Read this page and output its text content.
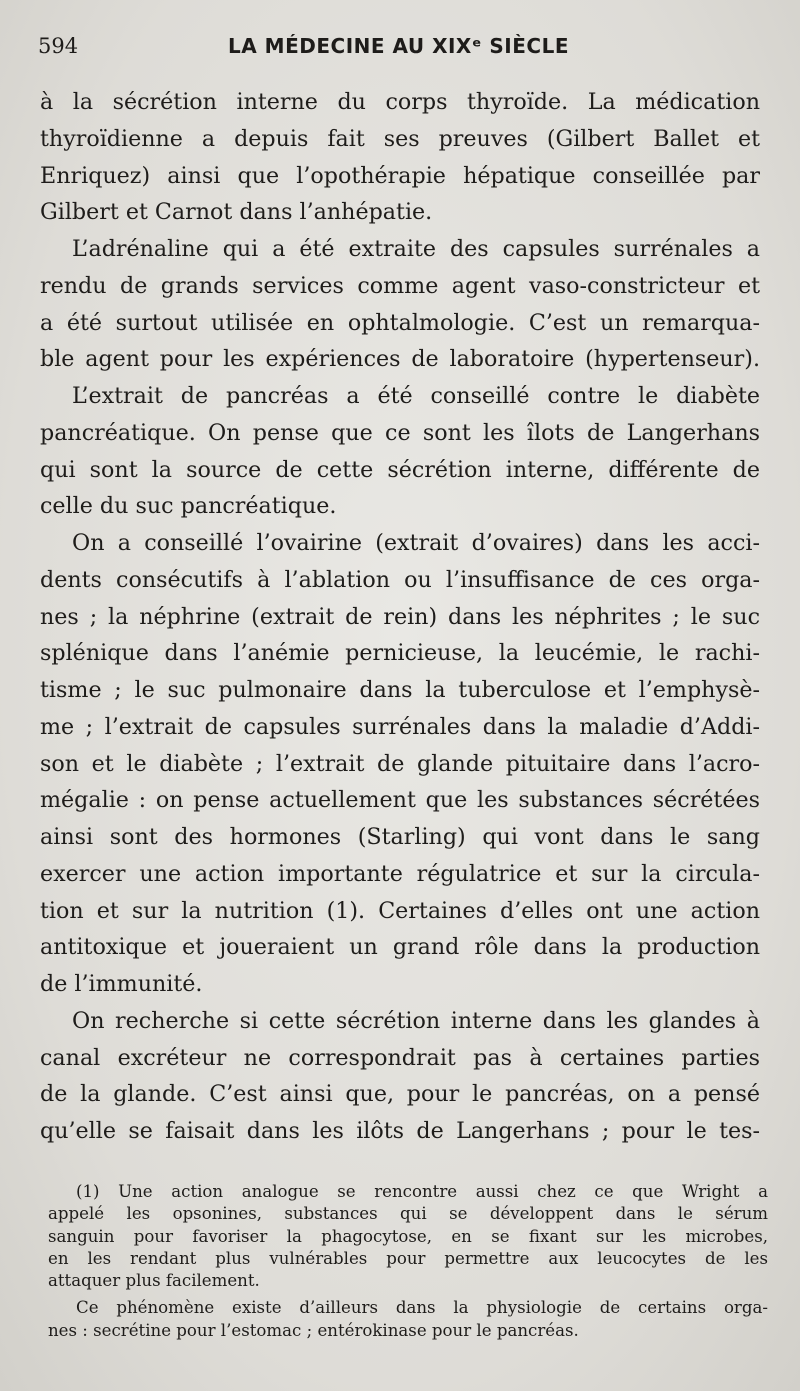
594	LA MÉDECINE AU XIXᵉ SIÈCLE
à la sécrétion interne du corps thyroïde. La médication
thyroïdienne a depuis fait ses preuves (Gilbert Ballet et
Enriquez) ainsi que l’opothérapie hépatique conseillée par
Gilbert et Carnot dans l’anhépatie.
L’adrénaline qui a été extraite des capsules surrénales a
rendu de grands services comme agent vaso-constricteur et
a été surtout utilisée en ophtalmologie. C’est un remarqua-
ble agent pour les expériences de laboratoire (hypertenseur).
L’extrait de pancréas a été conseillé contre le diabète
pancréatique. On pense que ce sont les îlots de Langerhans
qui sont la source de cette sécrétion interne, différente de
celle du suc pancréatique.
On a conseillé l’ovairine (extrait d’ovaires) dans les acci-
dents consécutifs à l’ablation ou l’insuffisance de ces orga-
nes ; la néphrine (extrait de rein) dans les néphrites ; le suc
splénique dans l’anémie pernicieuse, la leucémie, le rachi-
tisme ; le suc pulmonaire dans la tuberculose et l’emphysè-
me ; l’extrait de capsules surrénales dans la maladie d’Addi-
son et le diabète ; l’extrait de glande pituitaire dans l’acro-
mégalie : on pense actuellement que les substances sécrétées
ainsi sont des hormones (Starling) qui vont dans le sang
exercer une action importante régulatrice et sur la circula-
tion et sur la nutrition (1). Certaines d’elles ont une action
antitoxique et joueraient un grand rôle dans la production
de l’immunité.
On recherche si cette sécrétion interne dans les glandes à
canal excréteur ne correspondrait pas à certaines parties
de la glande. C’est ainsi que, pour le pancréas, on a pensé
qu’elle se faisait dans les ilôts de Langerhans ; pour le tes-
(1) Une action analogue se rencontre aussi chez ce que Wright a
appelé les opsonines, substances qui se développent dans le sérum
sanguin pour favoriser la phagocytose, en se fixant sur les microbes,
en les rendant plus vulnérables pour permettre aux leucocytes de les
attaquer plus facilement.
Ce phénomène existe d’ailleurs dans la physiologie de certains orga-
nes : secrétine pour l’estomac ; entérokinase pour le pancréas.
